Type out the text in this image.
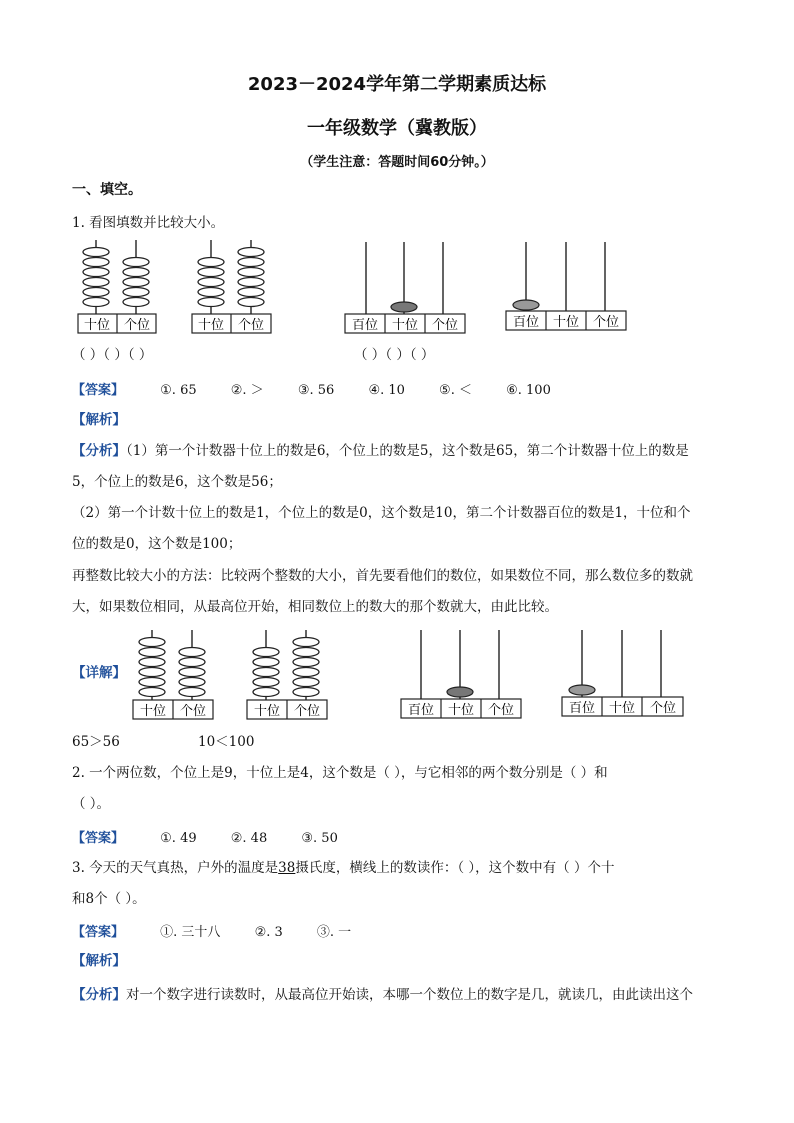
2023－2024学年第二学期素质达标
一年级数学（冀教版）
（学生注意：答题时间60分钟。）
一、填空。
1. 看图填数并比较大小。
十位 个位	十位 个位	百位 十位 个位	百位 十位 个位
（ ）（ ）（ ）	（ ）（ ）（ ）
【答案】	①. 65	②. ＞	③. 56	④. 10	⑤. ＜	⑥. 100
【解析】
【分析】（1）第一个计数器十位上的数是6，个位上的数是5，这个数是65，第二个计数器十位上的数是
5，个位上的数是6，这个数是56；
（2）第一个计数十位上的数是1，个位上的数是0，这个数是10，第二个计数器百位的数是1，十位和个
位的数是0，这个数是100；
再整数比较大小的方法：比较两个整数的大小，首先要看他们的数位，如果数位不同，那么数位多的数就
大，如果数位相同，从最高位开始，相同数位上的数大的那个数就大，由此比较。
【详解】
十位 个位	十位 个位	百位 十位 个位	百位 十位 个位
65＞56	10＜100
2. 一个两位数，个位上是9，十位上是4，这个数是（ ），与它相邻的两个数分别是（ ）和
（ ）。
【答案】	①. 49	②. 48	③. 50
3. 今天的天气真热，户外的温度是38摄氏度，横线上的数读作：（ ），这个数中有（ ）个十
和8个（ ）。
【答案】	①. 三十八	②. 3	③. 一
【解析】
【分析】对一个数字进行读数时，从最高位开始读，本哪一个数位上的数字是几，就读几，由此读出这个
